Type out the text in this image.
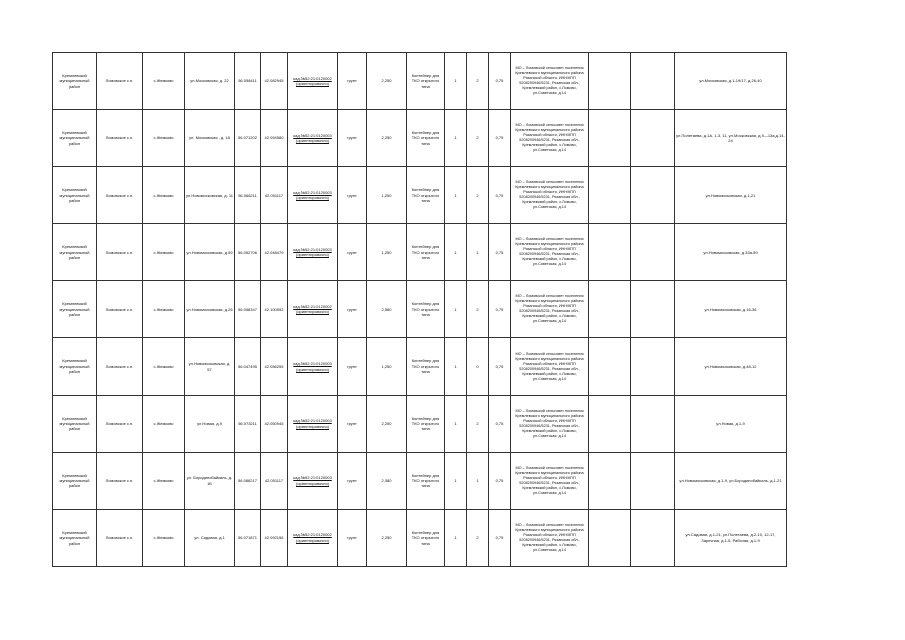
Кремлевский муниципальный район	Ломовское с.п.	с.Жемково	ул.Московская, д. 22	56.058411	42.082945	кад.№52:21:0120002 (ориентировочно)	грунт	2,250	Контейнер для ТКО открытого типа	1	2	0,75	МО – Ломовской сельсовет поселения Кремлевского муниципального района Рязанской области, ИНН/КПП 5208200946/5231, Рязанская обл., Кремлевский район, с.Ломово, ул.Советская, д.14			ул.Московская, д.1-19/17, д.26-40
Кремлевский муниципальный район	Ломовское с.п.	с.Жемково	ул. Московская , д. 18	56.071202	42.094580	кад.№52:21:0120003 (ориентировочно)	грунт	2,250	Контейнер для ТКО открытого типа	1	2	0,75	МО – Ломовской сельсовет поселения Кремлевского муниципального района Рязанской области, ИНН/КПП 5208200946/5231, Рязанская обл., Кремлевский район, с.Ломово, ул.Советская, д.14			ул.Полетаева, д.1А, 1-3, 11, ул.Московская, д.9—13а,д.14-24
Кремлевский муниципальный район	Ломовское с.п.	с.Жемково	ул.Новомосковская, д. 11	56.066211	42.051117	кад.№52:21:0120003 (ориентировочно)	грунт	1,250	Контейнер для ТКО открытого типа	1	2	0,75	МО – Ломовской сельсовет поселения Кремлевского муниципального района Рязанской области, ИНН/КПП 5208200946/5231, Рязанская обл., Кремлевский район, с.Ломово, ул.Советская, д.14			ул.Новомосковская, д.1-21
Кремлевский муниципальный район	Ломовское с.п.	с.Жемково	ул.Новомосковская, д.59	56.052706	42.048479	кад.№52:21:0120003 (ориентировочно)	грунт	1,250	Контейнер для ТКО открытого типа	1	1	0,75	МО – Ломовской сельсовет поселения Кремлевского муниципального района Рязанской области, ИНН/КПП 5208200946/5231, Рязанская обл., Кремлевский район, с.Ломово, ул.Советская, д.14			ул.Новомосковская, д.33а-59
Кремлевский муниципальный район	Ломовское с.п.	с.Жемково	ул.Новомосковская, д.26	56.058347	42.100592	кад.№52:21:0120002 (ориентировочно)	грунт	2,580	Контейнер для ТКО открытого типа	1	2	0,75	МО – Ломовской сельсовет поселения Кремлевского муниципального района Рязанской области, ИНН/КПП 5208200946/5231, Рязанская обл., Кремлевский район, с.Ломово, ул.Советская, д.14			ул.Новомосковская, д.16-36
Кремлевский муниципальный район	Ломовское с.п.	с.Жемково	ул.Новомосковская, д. 57	56.047495	42.056255	кад.№52:21:0120003 (ориентировочно)	грунт	1,250	Контейнер для ТКО открытого типа	1	0	0,75	МО – Ломовской сельсовет поселения Кремлевского муниципального района Рязанской области, ИНН/КПП 5208200946/5231, Рязанская обл., Кремлевский район, с.Ломово, ул.Советская, д.14			ул.Новомосковская, д.48-12
Кремлевский муниципальный район	Ломовское с.п.	с.Жемково	ул.Новая, д.9	56.073211	42.050945	кад.№52:21:0120003 (ориентировочно)	грунт	2,250	Контейнер для ТКО открытого типа	1	2	0,75	МО – Ломовской сельсовет поселения Кремлевского муниципального района Рязанской области, ИНН/КПП 5208200946/5231, Рязанская обл., Кремлевский район, с.Ломово, ул.Советская, д.14			ул.Новая, д.1-9
Кремлевский муниципальный район	Ломовское с.п.	с.Жемково	ул. Бородинобайкаль, д. 1Б	56.086217	42.051117	кад.№52:21:0120003 (ориентировочно)	грунт	2,380	Контейнер для ТКО открытого типа	1	1	0,75	МО – Ломовской сельсовет поселения Кремлевского муниципального района Рязанской области, ИНН/КПП 5208200946/5231, Рязанская обл., Кремлевский район, с.Ломово, ул.Советская, д.14			ул.Новомосковская, д.1-9, ул.Бородинобайкаль, д.1-21
Кремлевский муниципальный район	Ломовское с.п.	с.Жемково	ул. Садовая, д.1	56.071871	42.092156	кад.№52:21:0120002 (ориентировочно)	грунт	2,250	Контейнер для ТКО открытого типа	1	2	0,75	МО – Ломовской сельсовет поселения Кремлевского муниципального района Рязанской области, ИНН/КПП 5208200946/5231, Рязанская обл., Кремлевский район, с.Ломово, ул.Советская, д.14			ул.Садовая, д.1-21, ул.Полетаева, д.2-10, 12-17, Заречная, д.1-5, Рабочая, д.1-9
